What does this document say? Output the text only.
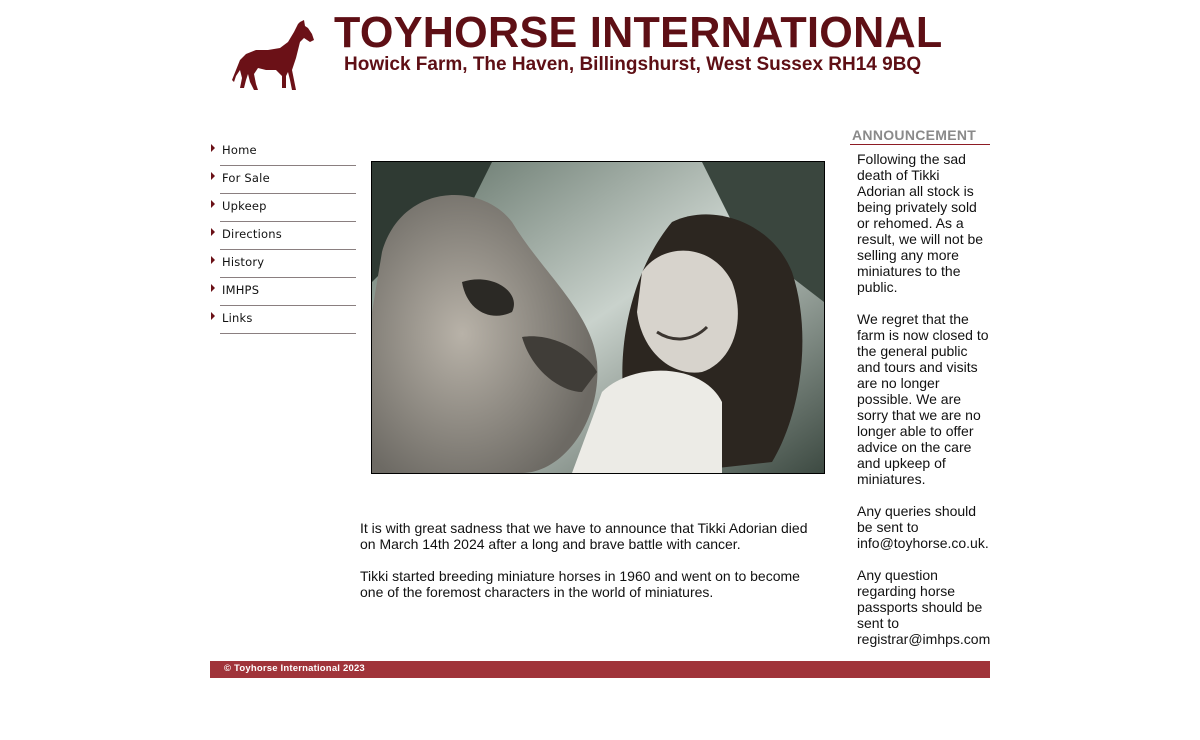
TOYHORSE INTERNATIONAL

Howick Farm, The Haven, Billingshurst, West Sussex RH14 9BQ

Home
For Sale
Upkeep
Directions
History
IMHPS
Links

It is with great sadness that we have to announce that Tikki Adorian died on March 14th 2024 after a long and brave battle with cancer.

Tikki started breeding miniature horses in 1960 and went on to become one of the foremost characters in the world of miniatures.

ANNOUNCEMENT

Following the sad death of Tikki Adorian all stock is being privately sold or rehomed. As a result, we will not be selling any more miniatures to the public.

We regret that the farm is now closed to the general public and tours and visits are no longer possible. We are sorry that we are no longer able to offer advice on the care and upkeep of miniatures.

Any queries should be sent to info@toyhorse.co.uk.

Any question regarding horse passports should be sent to registrar@imhps.com

© Toyhorse International 2023
